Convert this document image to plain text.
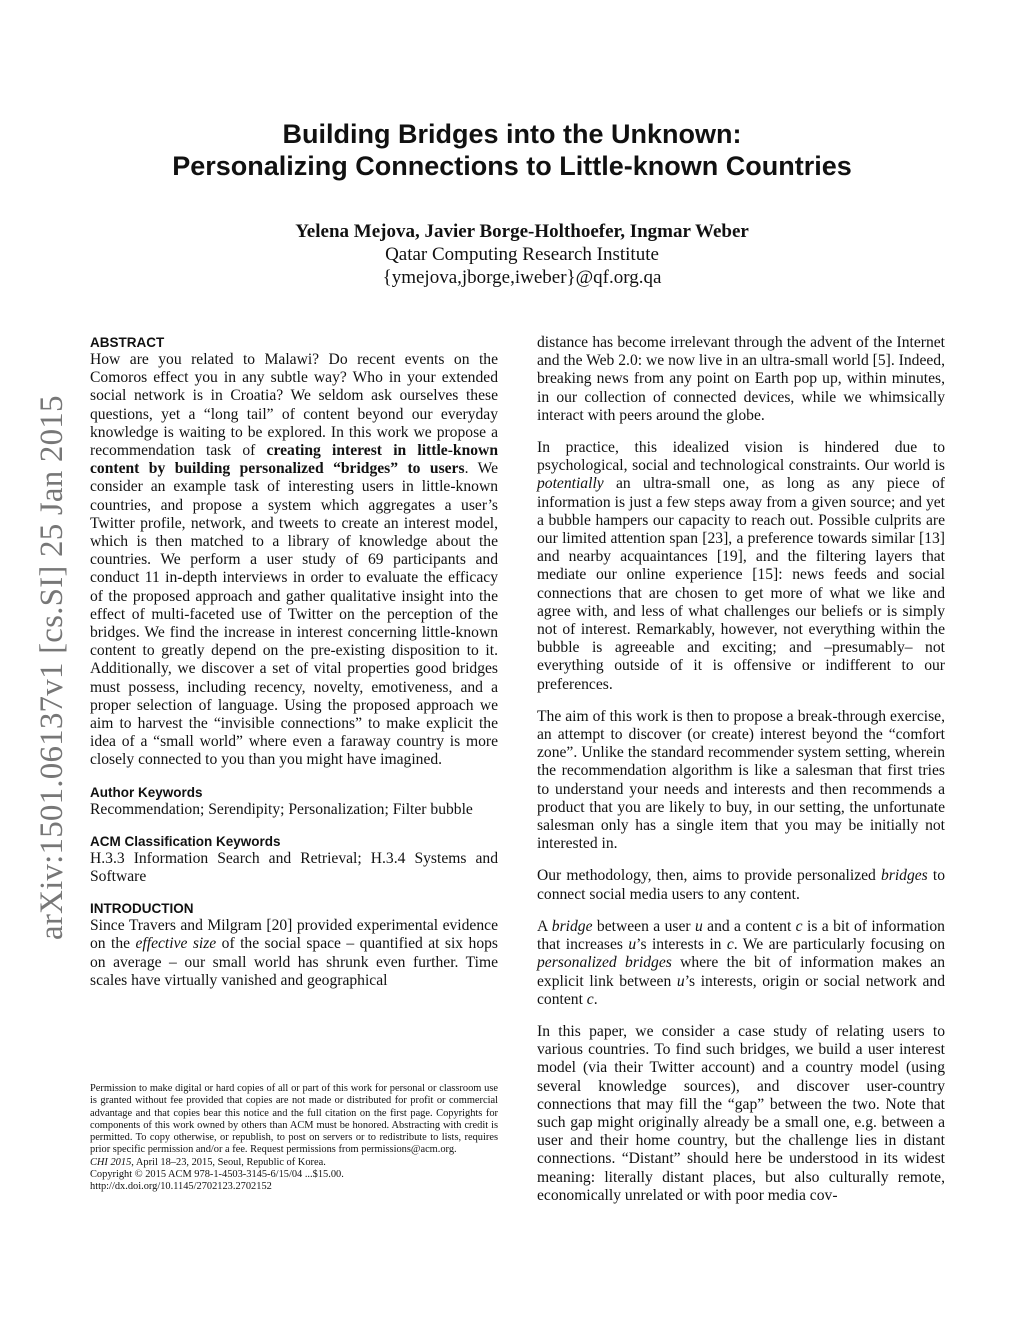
Building Bridges into the Unknown:
Personalizing Connections to Little-known Countries
Yelena Mejova, Javier Borge-Holthoefer, Ingmar Weber
Qatar Computing Research Institute
{ymejova,jborge,iweber}@qf.org.qa
arXiv:1501.06137v1 [cs.SI] 25 Jan 2015
ABSTRACT

How are you related to Malawi? Do recent events on the Comoros effect you in any subtle way? Who in your extended social network is in Croatia? We seldom ask ourselves these questions, yet a “long tail” of content beyond our everyday knowledge is waiting to be explored. In this work we propose a recommendation task of creating interest in little-known content by building personalized “bridges” to users. We consider an example task of interesting users in little-known countries, and propose a system which aggregates a user’s Twitter profile, network, and tweets to create an interest model, which is then matched to a library of knowledge about the countries. We perform a user study of 69 participants and conduct 11 in-depth interviews in order to evaluate the efficacy of the proposed approach and gather qualitative insight into the effect of multi-faceted use of Twitter on the perception of the bridges. We find the increase in interest concerning little-known content to greatly depend on the pre-existing disposition to it. Additionally, we discover a set of vital properties good bridges must possess, including recency, novelty, emotiveness, and a proper selection of language. Using the proposed approach we aim to harvest the “invisible connections” to make explicit the idea of a “small world” where even a faraway country is more closely connected to you than you might have imagined.

Author Keywords

Recommendation; Serendipity; Personalization; Filter bubble

ACM Classification Keywords

H.3.3 Information Search and Retrieval; H.3.4 Systems and Software

INTRODUCTION

Since Travers and Milgram [20] provided experimental evidence on the effective size of the social space – quantified at six hops on average – our small world has shrunk even further. Time scales have virtually vanished and geographical

Permission to make digital or hard copies of all or part of this work for personal or classroom use is granted without fee provided that copies are not made or distributed for profit or commercial advantage and that copies bear this notice and the full citation on the first page. Copyrights for components of this work owned by others than ACM must be honored. Abstracting with credit is permitted. To copy otherwise, or republish, to post on servers or to redistribute to lists, requires prior specific permission and/or a fee. Request permissions from permissions@acm.org.

CHI 2015, April 18–23, 2015, Seoul, Republic of Korea.

Copyright © 2015 ACM 978-1-4503-3145-6/15/04 ...$15.00.

http://dx.doi.org/10.1145/2702123.2702152

distance has become irrelevant through the advent of the Internet and the Web 2.0: we now live in an ultra-small world [5]. Indeed, breaking news from any point on Earth pop up, within minutes, in our collection of connected devices, while we whimsically interact with peers around the globe.

In practice, this idealized vision is hindered due to psychological, social and technological constraints. Our world is potentially an ultra-small one, as long as any piece of information is just a few steps away from a given source; and yet a bubble hampers our capacity to reach out. Possible culprits are our limited attention span [23], a preference towards similar [13] and nearby acquaintances [19], and the filtering layers that mediate our online experience [15]: news feeds and social connections that are chosen to get more of what we like and agree with, and less of what challenges our beliefs or is simply not of interest. Remarkably, however, not everything within the bubble is agreeable and exciting; and –presumably– not everything outside of it is offensive or indifferent to our preferences.

The aim of this work is then to propose a break-through exercise, an attempt to discover (or create) interest beyond the “comfort zone”. Unlike the standard recommender system setting, wherein the recommendation algorithm is like a salesman that first tries to understand your needs and interests and then recommends a product that you are likely to buy, in our setting, the unfortunate salesman only has a single item that you may be initially not interested in.

Our methodology, then, aims to provide personalized bridges to connect social media users to any content.

A bridge between a user u and a content c is a bit of information that increases u’s interests in c. We are particularly focusing on personalized bridges where the bit of information makes an explicit link between u’s interests, origin or social network and content c.

In this paper, we consider a case study of relating users to various countries. To find such bridges, we build a user interest model (via their Twitter account) and a country model (using several knowledge sources), and discover user-country connections that may fill the “gap” between the two. Note that such gap might originally already be a small one, e.g. between a user and their home country, but the challenge lies in distant connections. “Distant” should here be understood in its widest meaning: literally distant places, but also culturally remote, economically unrelated or with poor media cov-
